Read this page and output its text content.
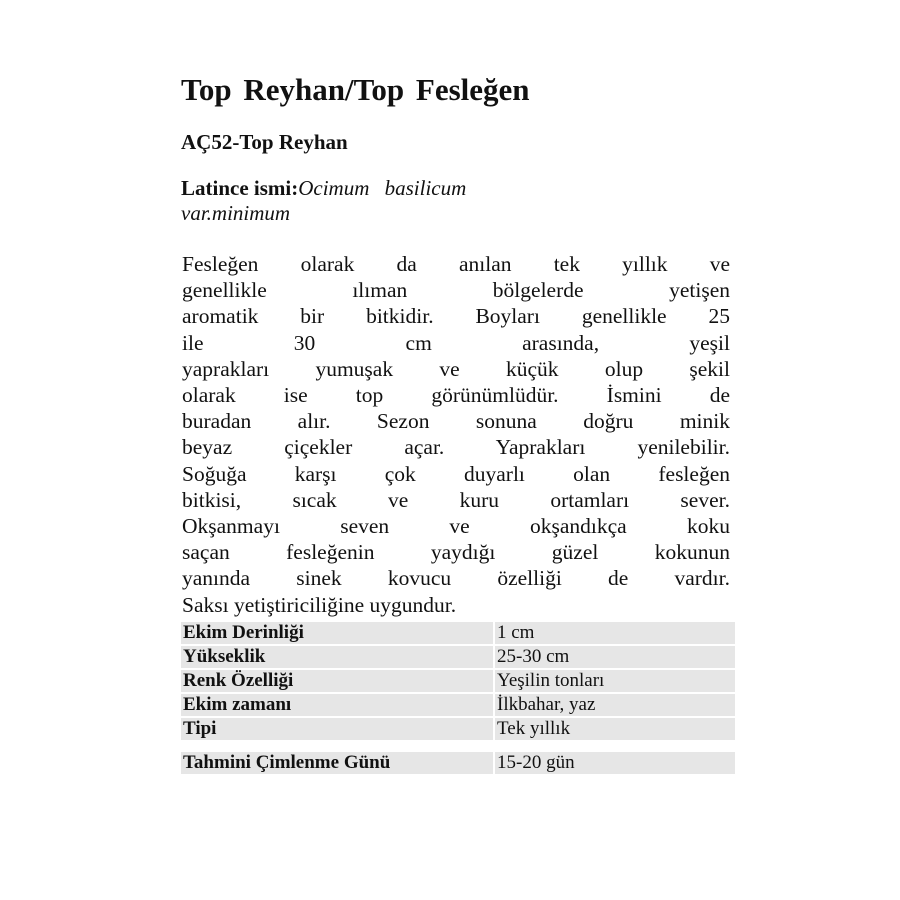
Top Reyhan/Top Fesleğen
AÇ52-Top Reyhan
Latince ismi:Ocimum basilicum
var.minimum
Fesleğen olarak da anılan tek yıllık ve
genellikle ılıman bölgelerde yetişen
aromatik bir bitkidir. Boyları genellikle 25
ile 30 cm arasında, yeşil
yaprakları yumuşak ve küçük olup şekil
olarak ise top görünümlüdür. İsmini de
buradan alır. Sezon sonuna doğru minik
beyaz çiçekler açar. Yaprakları yenilebilir.
Soğuğa karşı çok duyarlı olan fesleğen
bitkisi, sıcak ve kuru ortamları sever.
Okşanmayı seven ve okşandıkça koku
saçan fesleğenin yaydığı güzel kokunun
yanında sinek kovucu özelliği de vardır.
Saksı yetiştiriciliğine uygundur.
Ekim Derinliği	1 cm
Yükseklik	25-30 cm
Renk Özelliği	Yeşilin tonları
Ekim zamanı	İlkbahar, yaz
Tipi	Tek yıllık

Tahmini Çimlenme Günü	15-20 gün
